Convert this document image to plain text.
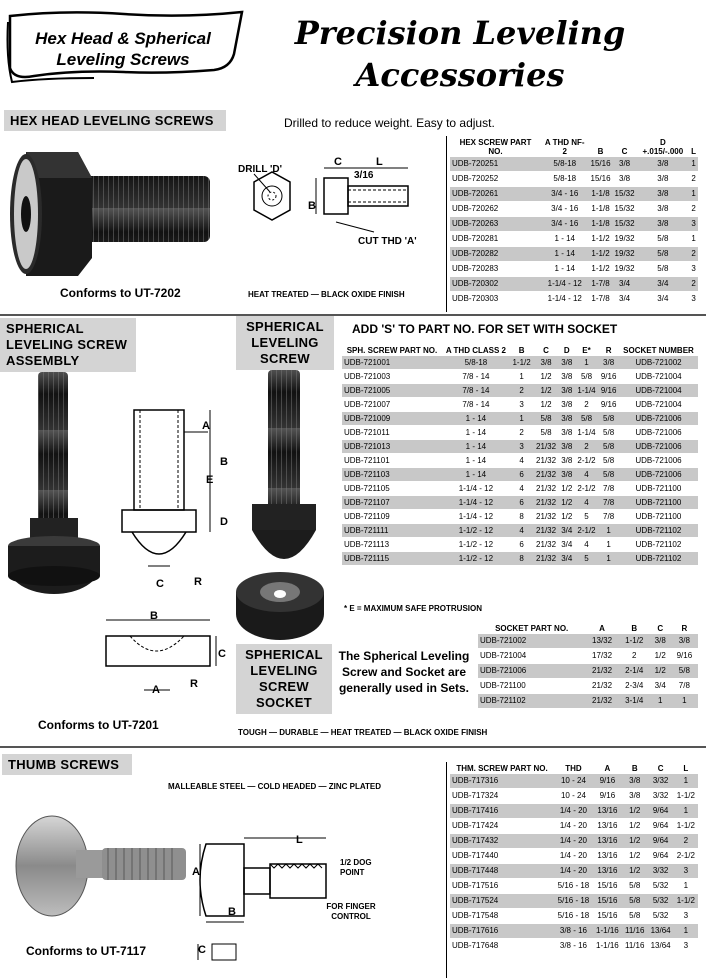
Hex Head & Spherical
Leveling Screws
Precision Leveling
Accessories
HEX HEAD LEVELING SCREWS	Drilled to reduce weight. Easy to adjust.
Conforms to UT-7202
DRILL 'D'
C	L
3/16
B
CUT THD 'A'
HEAT TREATED — BLACK OXIDE FINISH
HEX SCREW PART NO.	A THD NF-2	B	C	D +.015/-.000	L
UDB-720251	5/8-18	15/16	3/8	3/8	1
UDB-720252	5/8-18	15/16	3/8	3/8	2
UDB-720261	3/4 - 16	1-1/8	15/32	3/8	1
UDB-720262	3/4 - 16	1-1/8	15/32	3/8	2
UDB-720263	3/4 - 16	1-1/8	15/32	3/8	3
UDB-720281	1 - 14	1-1/2	19/32	5/8	1
UDB-720282	1 - 14	1-1/2	19/32	5/8	2
UDB-720283	1 - 14	1-1/2	19/32	5/8	3
UDB-720302	1-1/4 - 12	1-7/8	3/4	3/4	2
UDB-720303	1-1/4 - 12	1-7/8	3/4	3/4	3
SPHERICAL LEVELING SCREW ASSEMBLY
SPHERICAL LEVELING SCREW
ADD 'S' TO PART NO. FOR SET WITH SOCKET
Conforms to UT-7201
A
B
E
D
C	R
SPHERICAL LEVELING SCREW SOCKET
B
C
A	R
SPH. SCREW PART NO.	A THD CLASS 2	B	C	D	E*	R	SOCKET NUMBER
UDB-721001	5/8-18	1-1/2	3/8	3/8	1	3/8	UDB-721002
UDB-721003	7/8 - 14	1	1/2	3/8	5/8	9/16	UDB-721004
UDB-721005	7/8 - 14	2	1/2	3/8	1-1/4	9/16	UDB-721004
UDB-721007	7/8 - 14	3	1/2	3/8	2	9/16	UDB-721004
UDB-721009	1 - 14	1	5/8	3/8	5/8	5/8	UDB-721006
UDB-721011	1 - 14	2	5/8	3/8	1-1/4	5/8	UDB-721006
UDB-721013	1 - 14	3	21/32	3/8	2	5/8	UDB-721006
UDB-721101	1 - 14	4	21/32	3/8	2-1/2	5/8	UDB-721006
UDB-721103	1 - 14	6	21/32	3/8	4	5/8	UDB-721006
UDB-721105	1-1/4 - 12	4	21/32	1/2	2-1/2	7/8	UDB-721100
UDB-721107	1-1/4 - 12	6	21/32	1/2	4	7/8	UDB-721100
UDB-721109	1-1/4 - 12	8	21/32	1/2	5	7/8	UDB-721100
UDB-721111	1-1/2 - 12	4	21/32	3/4	2-1/2	1	UDB-721102
UDB-721113	1-1/2 - 12	6	21/32	3/4	4	1	UDB-721102
UDB-721115	1-1/2 - 12	8	21/32	3/4	5	1	UDB-721102
* E = MAXIMUM SAFE PROTRUSION
The Spherical Leveling Screw and Socket are generally used in Sets.
SOCKET PART NO.	A	B	C	R
UDB-721002	13/32	1-1/2	3/8	3/8
UDB-721004	17/32	2	1/2	9/16
UDB-721006	21/32	2-1/4	1/2	5/8
UDB-721100	21/32	2-3/4	3/4	7/8
UDB-721102	21/32	3-1/4	1	1
TOUGH — DURABLE — HEAT TREATED — BLACK OXIDE FINISH
THUMB SCREWS
MALLEABLE STEEL — COLD HEADED — ZINC PLATED
Conforms to UT-7117
L
A
B
C
1/2 DOG POINT
FOR FINGER CONTROL
THM. SCREW PART NO.	THD	A	B	C	L
UDB-717316	10 - 24	9/16	3/8	3/32	1
UDB-717324	10 - 24	9/16	3/8	3/32	1-1/2
UDB-717416	1/4 - 20	13/16	1/2	9/64	1
UDB-717424	1/4 - 20	13/16	1/2	9/64	1-1/2
UDB-717432	1/4 - 20	13/16	1/2	9/64	2
UDB-717440	1/4 - 20	13/16	1/2	9/64	2-1/2
UDB-717448	1/4 - 20	13/16	1/2	3/32	3
UDB-717516	5/16 - 18	15/16	5/8	5/32	1
UDB-717524	5/16 - 18	15/16	5/8	5/32	1-1/2
UDB-717548	5/16 - 18	15/16	5/8	5/32	3
UDB-717616	3/8 - 16	1-1/16	11/16	13/64	1
UDB-717648	3/8 - 16	1-1/16	11/16	13/64	3
